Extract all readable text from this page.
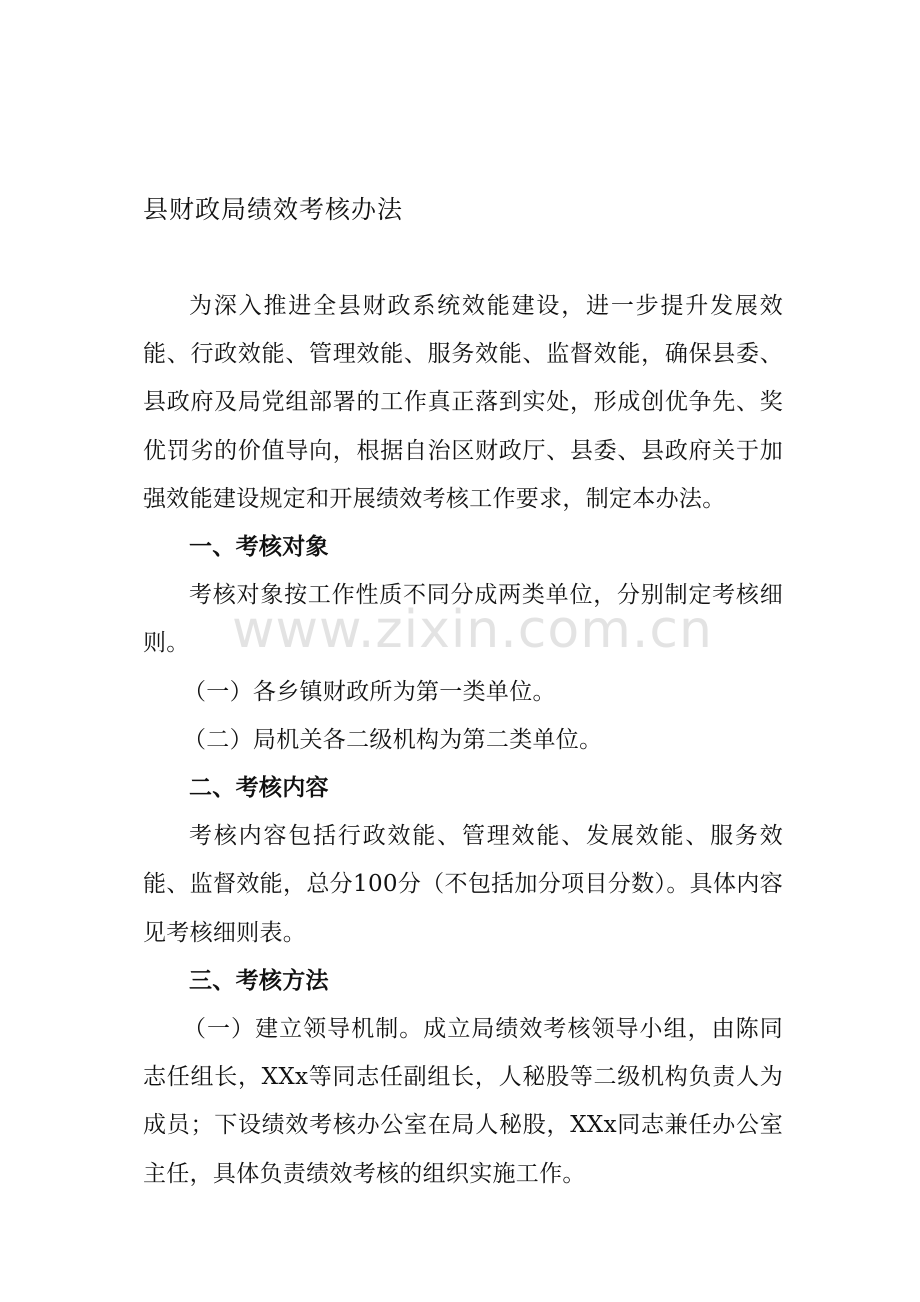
www.zixin.com.cn
县财政局绩效考核办法

为深入推进全县财政系统效能建设，进一步提升发展效能、行政效能、管理效能、服务效能、监督效能，确保县委、县政府及局党组部署的工作真正落到实处，形成创优争先、奖优罚劣的价值导向，根据自治区财政厅、县委、县政府关于加强效能建设规定和开展绩效考核工作要求，制定本办法。

一、考核对象

考核对象按工作性质不同分成两类单位，分别制定考核细则。

（一）各乡镇财政所为第一类单位。

（二）局机关各二级机构为第二类单位。

二、考核内容

考核内容包括行政效能、管理效能、发展效能、服务效能、监督效能，总分100分（不包括加分项目分数）。具体内容见考核细则表。

三、考核方法

（一）建立领导机制。成立局绩效考核领导小组，由陈同志任组长，XXx等同志任副组长，人秘股等二级机构负责人为成员；下设绩效考核办公室在局人秘股，XXx同志兼任办公室主任，具体负责绩效考核的组织实施工作。
